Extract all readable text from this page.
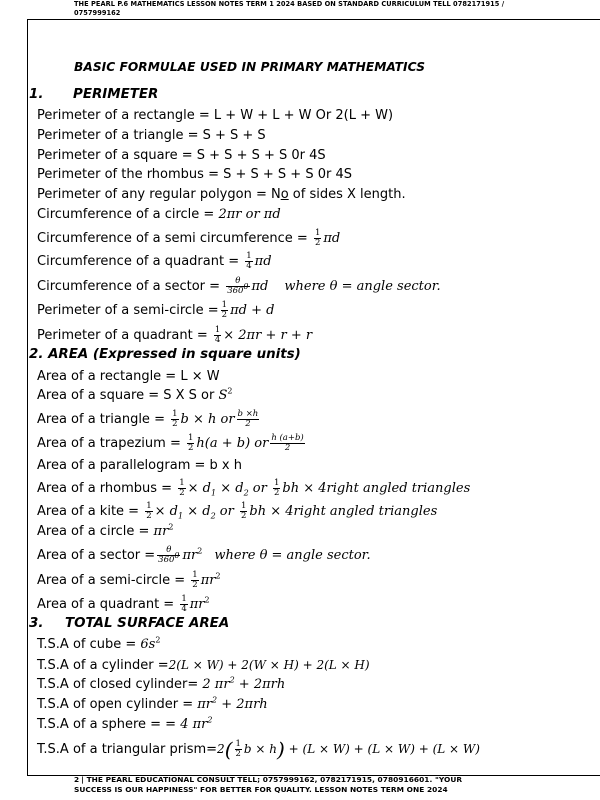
THE PEARL P.6 MATHEMATICS LESSON NOTES TERM 1 2024 BASED ON STANDARD CURRICULUM TELL 0782171915 /
0757999162
BASIC FORMULAE USED IN PRIMARY MATHEMATICS
1. PERIMETER
Perimeter of a rectangle = L + W + L + W Or 2(L + W)
Perimeter of a triangle = S + S + S
Perimeter of a square = S + S + S + S 0r 4S
Perimeter of the rhombus = S + S + S + S 0r 4S
Perimeter of any regular polygon = No of sides X length.
Circumference of a circle = 2πr or πd
Circumference of a semi circumference = $\frac{1}{2}$ πd
Circumference of a quadrant = $\frac{1}{4}$ πd
Circumference of a sector = $\frac{\theta}{360^0}$ πd where θ = angle sector.
Perimeter of a semi-circle = $\frac{1}{2}$ πd + d
Perimeter of a quadrant = $\frac{1}{4} \times 2\pi r + r + r$
2. AREA (Expressed in square units)
Area of a rectangle = L × W
Area of a square = S X S or $S^2$
Area of a triangle = $\frac{1}{2}$ b × h or $\frac{b \times h}{2}$
Area of a trapezium = $\frac{1}{2} h(a + b)$ or $\frac{h (a+b)}{2}$
Area of a parallelogram = b x h
Area of a rhombus = $\frac{1}{2} \times d_1 \times d_2$ or $\frac{1}{2}$ bh × 4right angled triangles
Area of a kite = $\frac{1}{2} \times d_1 \times d_2$ or $\frac{1}{2}$ bh × 4right angled triangles
Area of a circle = $\pi r^2$
Area of a sector = $\frac{\theta}{360^0} \pi r^2$ where θ = angle sector.
Area of a semi-circle = $\frac{1}{2} \pi r^2$
Area of a quadrant = $\frac{1}{4} \pi r^2$
3. TOTAL SURFACE AREA
T.S.A of cube = $6s^2$
T.S.A of a cylinder =2(L × W) + 2(W × H) + 2(L × H)
T.S.A of closed cylinder= 2 $\pi r^2 + 2\pi rh$
T.S.A of open cylinder = $\pi r^2 + 2\pi rh$
T.S.A of a sphere = = 4 $\pi r^2$
T.S.A of a triangular prism=2( $\frac{1}{2}$ b × h) + (L × W) + (L × W) + (L × W)
2 | THE PEARL EDUCATIONAL CONSULT TELL; 0757999162, 0782171915, 0780916601. "YOUR
SUCCESS IS OUR HAPPINESS" FOR BETTER FOR QUALITY. LESSON NOTES TERM ONE 2024
